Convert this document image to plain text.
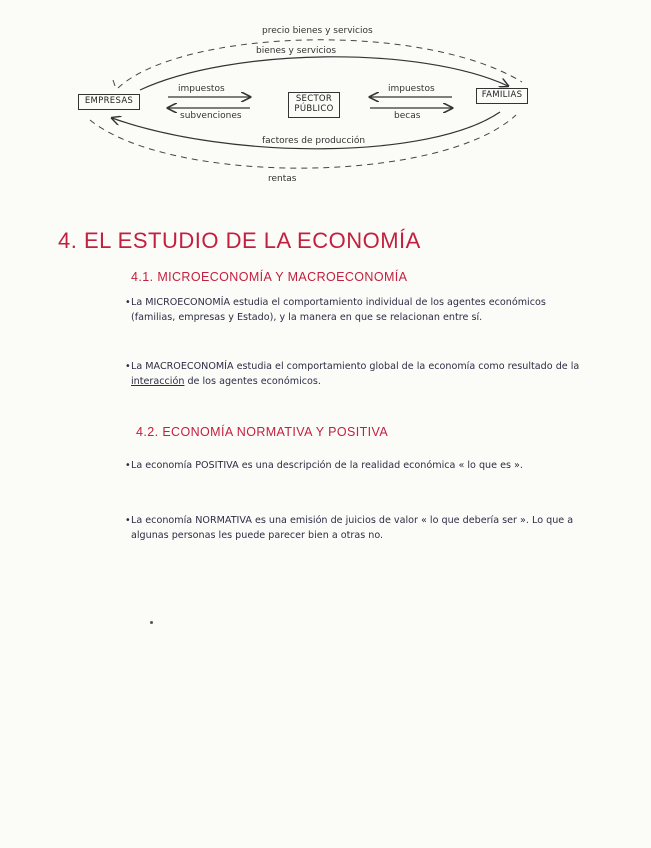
EMPRESAS	SECTOR
PÚBLICO
FAMILIAS
precio bienes y servicios
bienes y servicios
impuestos
subvenciones
impuestos
becas
factores de producción
rentas
4. EL ESTUDIO DE LA ECONOMÍA
4.1. MICROECONOMÍA Y MACROECONOMÍA
• La MICROECONOMÍA estudia el comportamiento individual de los agentes económicos (familias, empresas y Estado), y la manera en que se relacionan entre sí.
• La MACROECONOMÍA estudia el comportamiento global de la economía como resultado de la interacción de los agentes económicos.
4.2. ECONOMÍA NORMATIVA Y POSITIVA
• La economía POSITIVA es una descripción de la realidad económica « lo que es ».
• La economía NORMATIVA es una emisión de juicios de valor « lo que debería ser ». Lo que a algunas personas les puede parecer bien a otras no.
